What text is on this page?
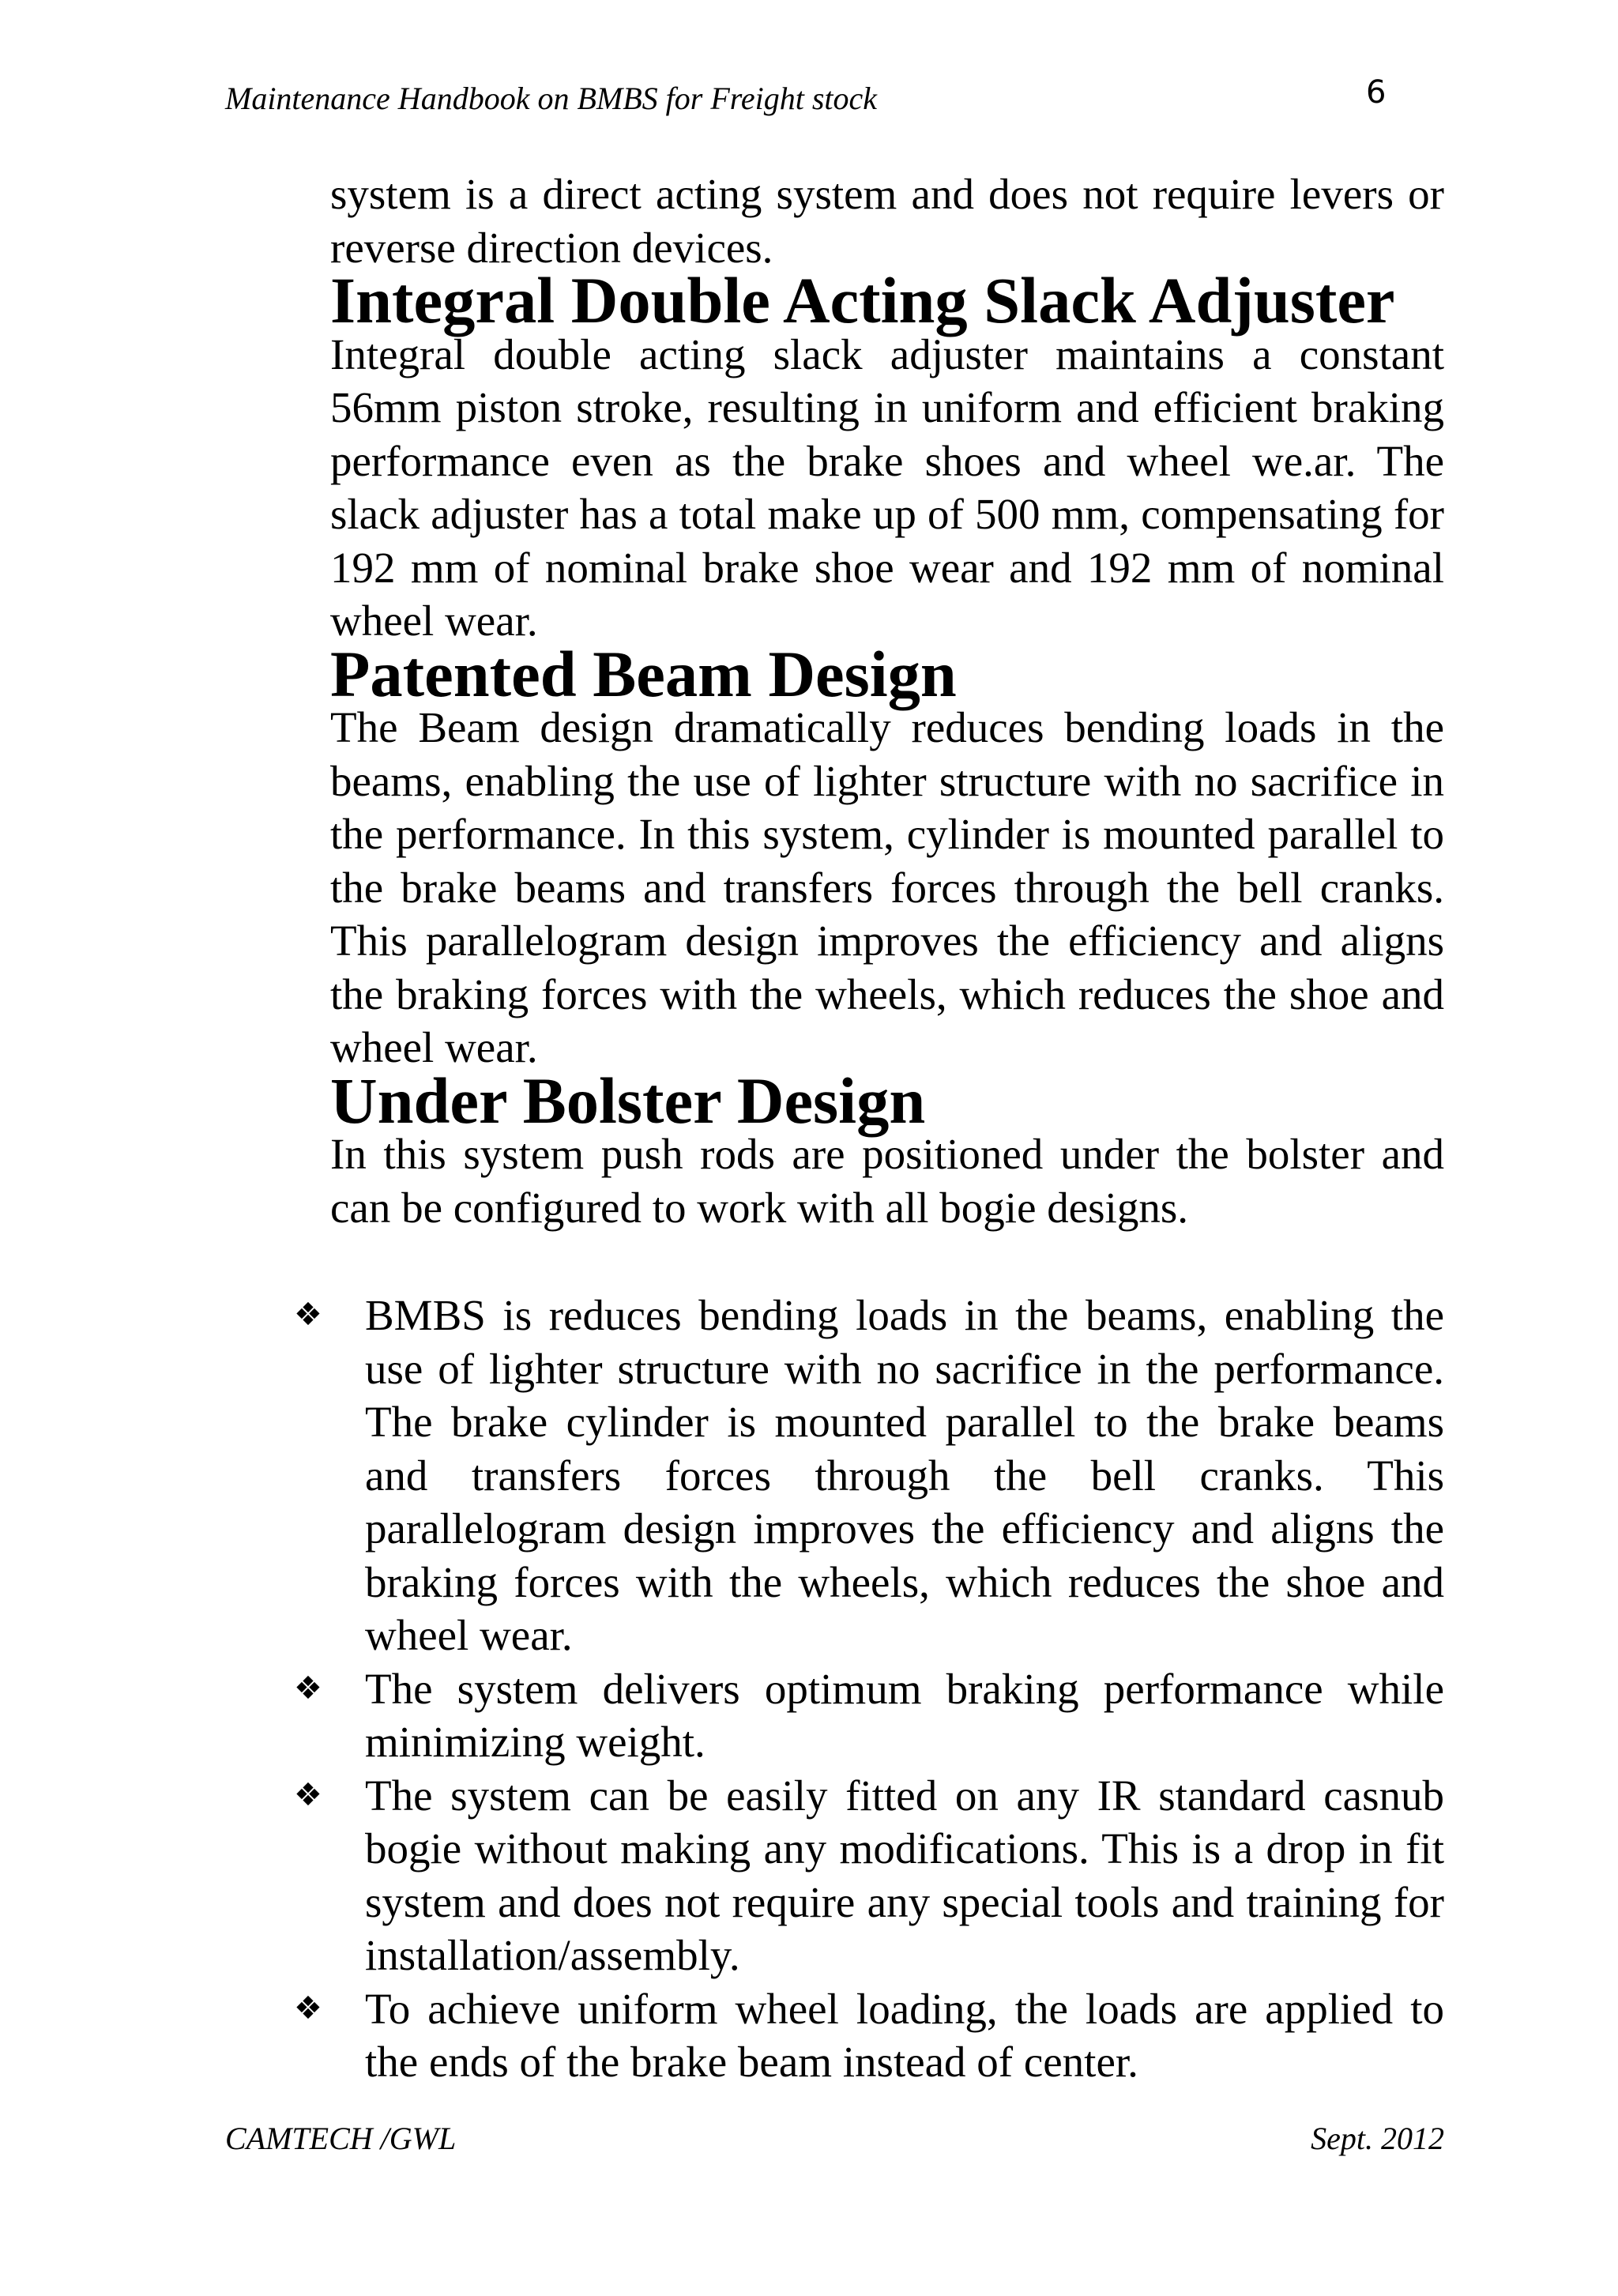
Maintenance Handbook on BMBS for Freight stock	6

system is a direct acting system and does not require levers or reverse direction devices.

Integral Double Acting Slack Adjuster

Integral double acting slack adjuster maintains a constant 56mm piston stroke, resulting in uniform and efficient braking performance even as the brake shoes and wheel we.ar. The slack adjuster has a total make up of 500 mm, compensating for 192 mm of nominal brake shoe wear and 192 mm of nominal wheel wear.

Patented Beam Design

The Beam design dramatically reduces bending loads in the beams, enabling the use of lighter structure with no sacrifice in the performance. In this system, cylinder is mounted parallel to the brake beams and transfers forces through the bell cranks. This parallelogram design improves the efficiency and aligns the braking forces with the wheels, which reduces the shoe and wheel wear.

Under Bolster Design

In this system push rods are positioned under the bolster and can be configured to work with all bogie designs.

❖ BMBS is reduces bending loads in the beams, enabling the use of lighter structure with no sacrifice in the performance. The brake cylinder is mounted parallel to the brake beams and transfers forces through the bell cranks. This parallelogram design improves the efficiency and aligns the braking forces with the wheels, which reduces the shoe and wheel wear.
❖ The system delivers optimum braking performance while minimizing weight.
❖ The system can be easily fitted on any IR standard casnub bogie without making any modifications. This is a drop in fit system and does not require any special tools and training for installation/assembly.
❖ To achieve uniform wheel loading, the loads are applied to the ends of the brake beam instead of center.
CAMTECH /GWL	Sept. 2012
